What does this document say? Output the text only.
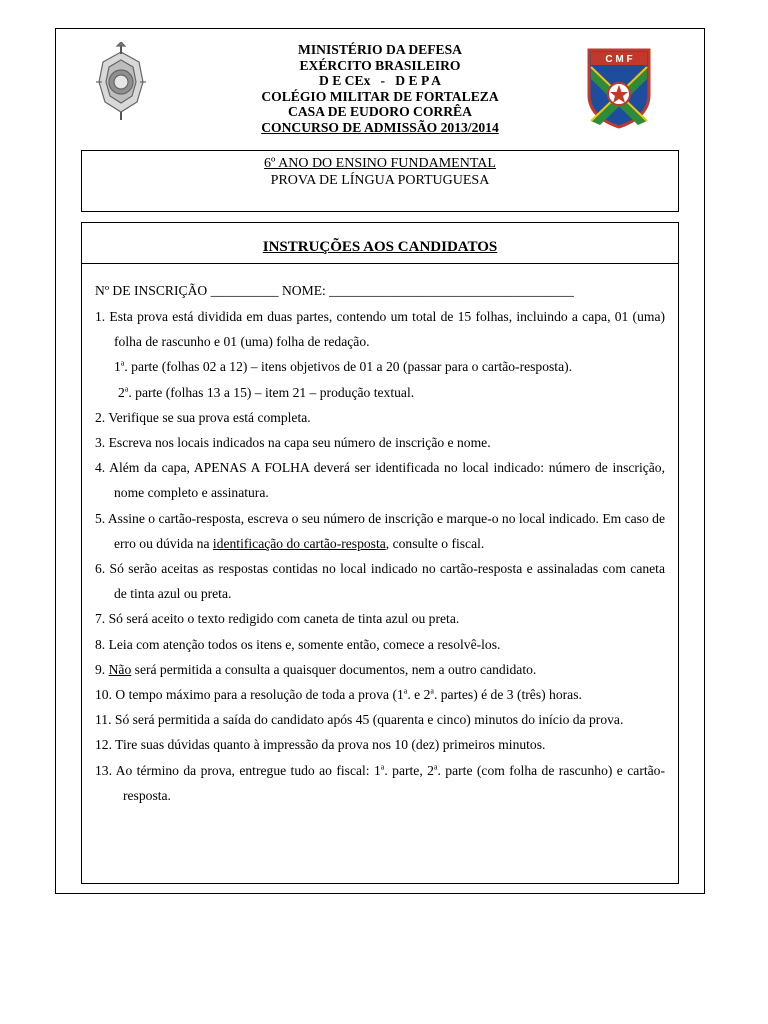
C M F
MINISTÉRIO DA DEFESA
EXÉRCITO BRASILEIRO
D E CEx   -   D E P A
COLÉGIO MILITAR DE FORTALEZA
CASA DE EUDORO CORRÊA
CONCURSO DE ADMISSÃO 2013/2014
6º ANO DO ENSINO FUNDAMENTAL
PROVA DE LÍNGUA PORTUGUESA
INSTRUÇÕES AOS CANDIDATOS
Nº DE INSCRIÇÃO __________ NOME: ____________________________________

1. Esta prova está dividida em duas partes, contendo um total de 15 folhas, incluindo a capa, 01 (uma) folha de rascunho e 01 (uma) folha de redação.

1$^a$. parte (folhas 02 a 12) – itens objetivos de 01 a 20 (passar para o cartão-resposta).

2$^a$. parte (folhas 13 a 15) – item 21 – produção textual.

2. Verifique se sua prova está completa.

3. Escreva nos locais indicados na capa seu número de inscrição e nome.

4. Além da capa, APENAS A FOLHA deverá ser identificada no local indicado: número de inscrição, nome completo e assinatura.

5. Assine o cartão-resposta, escreva o seu número de inscrição e marque-o no local indicado. Em caso de erro ou dúvida na identificação do cartão-resposta, consulte o fiscal.

6. Só serão aceitas as respostas contidas no local indicado no cartão-resposta e assinaladas com caneta de tinta azul ou preta.

7. Só será aceito o texto redigido com caneta de tinta azul ou preta.

8. Leia com atenção todos os itens e, somente então, comece a resolvê-los.

9. Não será permitida a consulta a quaisquer documentos, nem a outro candidato.

10. O tempo máximo para a resolução de toda a prova (1$^a$. e 2$^a$. partes) é de 3 (três) horas.

11. Só será permitida a saída do candidato após 45 (quarenta e cinco) minutos do início da prova.

12. Tire suas dúvidas quanto à impressão da prova nos 10 (dez) primeiros minutos.

13. Ao término da prova, entregue tudo ao fiscal: 1$^a$. parte, 2$^a$. parte (com folha de rascunho) e cartão-resposta.
